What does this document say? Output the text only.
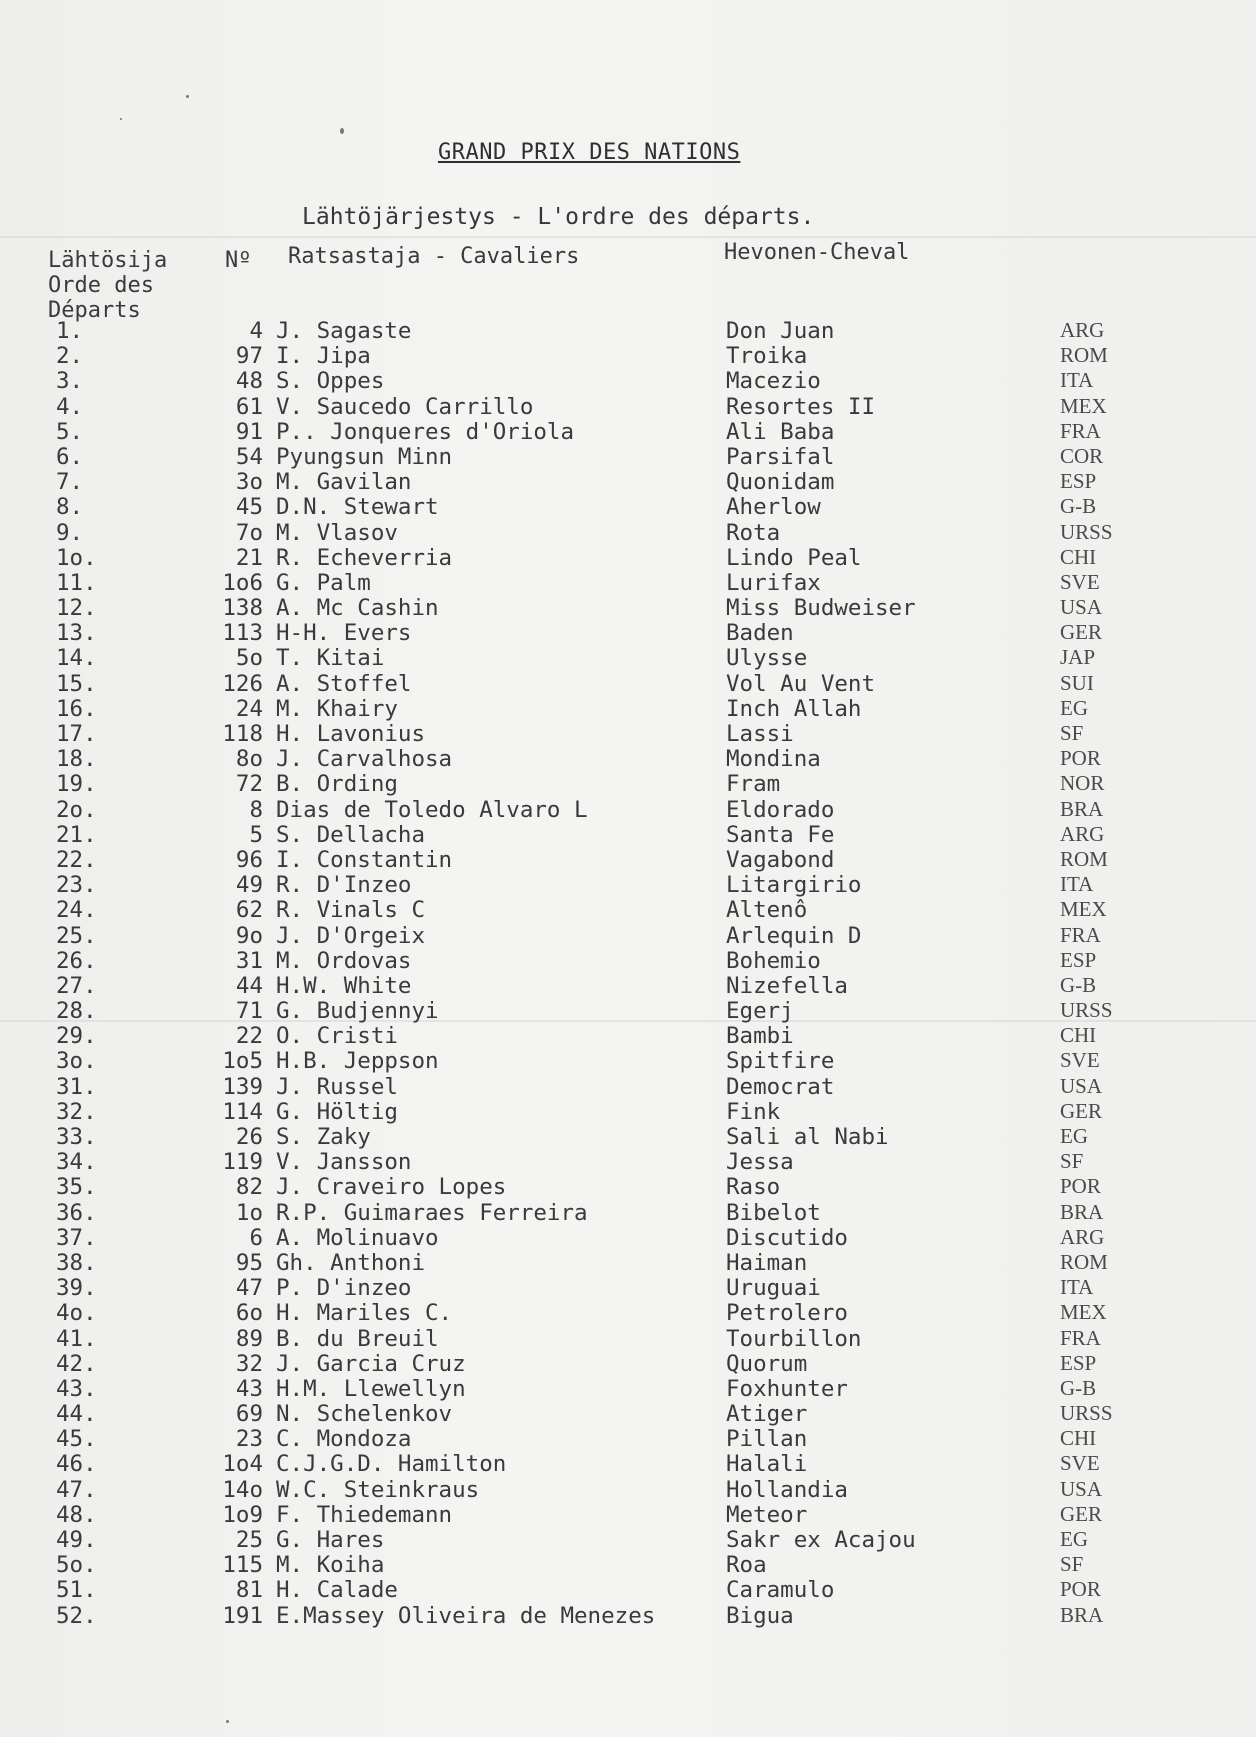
GRAND PRIX DES NATIONS
Lähtöjärjestys - L'ordre des départs.
Lähtösija
Orde des
Départs
Nº Ratsastaja - Cavaliers	Hevonen-Cheval
1.	4 J. Sagaste	Don Juan	ARG
2.	97 I. Jipa	Troika	ROM
3.	48 S. Oppes	Macezio	ITA
4.	61 V. Saucedo Carrillo	Resortes II	MEX
5.	91 P.. Jonqueres d'Oriola	Ali Baba	FRA
6.	54 Pyungsun Minn	Parsifal	COR
7.	3o M. Gavilan	Quonidam	ESP
8.	45 D.N. Stewart	Aherlow	G-B
9.	7o M. Vlasov	Rota	URSS
1o.	21 R. Echeverria	Lindo Peal	CHI
11.	1o6 G. Palm	Lurifax	SVE
12.	138 A. Mc Cashin	Miss Budweiser	USA
13.	113 H-H. Evers	Baden	GER
14.	5o T. Kitai	Ulysse	JAP
15.	126 A. Stoffel	Vol Au Vent	SUI
16.	24 M. Khairy	Inch Allah	EG
17.	118 H. Lavonius	Lassi	SF
18.	8o J. Carvalhosa	Mondina	POR
19.	72 B. Ording	Fram	NOR
2o.	8 Dias de Toledo Alvaro L	Eldorado	BRA
21.	5 S. Dellacha	Santa Fe	ARG
22.	96 I. Constantin	Vagabond	ROM
23.	49 R. D'Inzeo	Litargirio	ITA
24.	62 R. Vinals C	Altenô	MEX
25.	9o J. D'Orgeix	Arlequin D	FRA
26.	31 M. Ordovas	Bohemio	ESP
27.	44 H.W. White	Nizefella	G-B
28.	71 G. Budjennyi	Egerj	URSS
29.	22 O. Cristi	Bambi	CHI
3o.	1o5 H.B. Jeppson	Spitfire	SVE
31.	139 J. Russel	Democrat	USA
32.	114 G. Höltig	Fink	GER
33.	26 S. Zaky	Sali al Nabi	EG
34.	119 V. Jansson	Jessa	SF
35.	82 J. Craveiro Lopes	Raso	POR
36.	1o R.P. Guimaraes Ferreira	Bibelot	BRA
37.	6 A. Molinuavo	Discutido	ARG
38.	95 Gh. Anthoni	Haiman	ROM
39.	47 P. D'inzeo	Uruguai	ITA
4o.	6o H. Mariles C.	Petrolero	MEX
41.	89 B. du Breuil	Tourbillon	FRA
42.	32 J. Garcia Cruz	Quorum	ESP
43.	43 H.M. Llewellyn	Foxhunter	G-B
44.	69 N. Schelenkov	Atiger	URSS
45.	23 C. Mondoza	Pillan	CHI
46.	1o4 C.J.G.D. Hamilton	Halali	SVE
47.	14o W.C. Steinkraus	Hollandia	USA
48.	1o9 F. Thiedemann	Meteor	GER
49.	25 G. Hares	Sakr ex Acajou	EG
5o.	115 M. Koiha	Roa	SF
51.	81 H. Calade	Caramulo	POR
52.	191 E.Massey Oliveira de Menezes	Bigua	BRA
